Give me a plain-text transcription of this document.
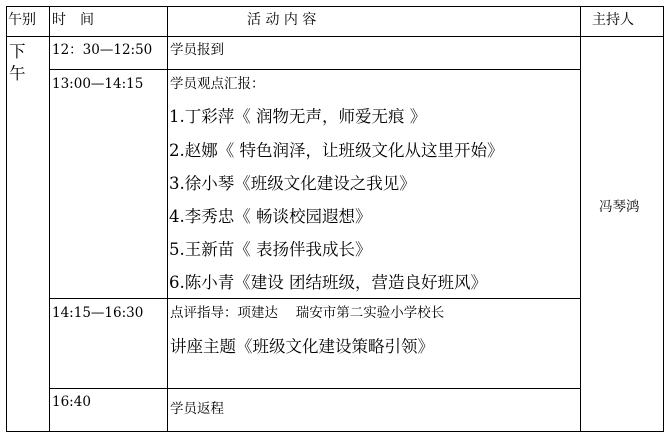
午别 时　间	活 动 内 容	主持人
下
午
冯琴鸿
12：30—12:50 学员报到
13:00—14:15 学员观点汇报：
1.丁彩萍《 润物无声，师爱无痕 》
2.赵娜《 特色润泽，让班级文化从这里开始》
3.徐小琴《班级文化建设之我见》
4.李秀忠《 畅谈校园遐想》
5.王新苗《 表扬伴我成长》
6.陈小青《建设 团结班级，营造良好班风》
14:15—16:30 点评指导：项建达　 瑞安市第二实验小学校长
讲座主题《班级文化建设策略引领》
16:40	学员返程
